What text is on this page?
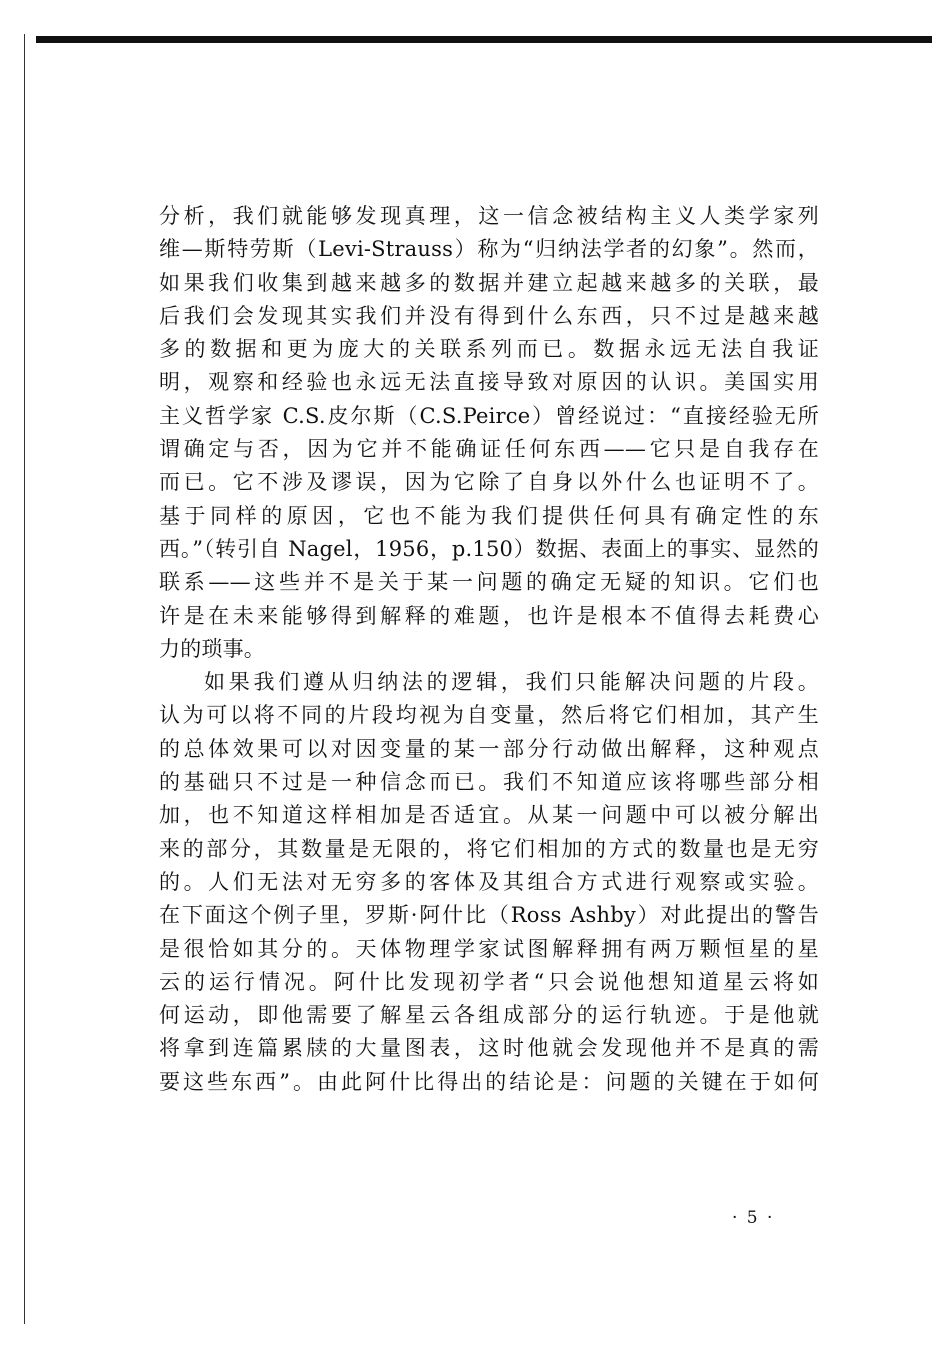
分析，我们就能够发现真理，这一信念被结构主义人类学家列
维—斯特劳斯（Levi-Strauss）称为“归纳法学者的幻象”。然而，
如果我们收集到越来越多的数据并建立起越来越多的关联，最
后我们会发现其实我们并没有得到什么东西，只不过是越来越
多的数据和更为庞大的关联系列而已。数据永远无法自我证
明，观察和经验也永远无法直接导致对原因的认识。美国实用
主义哲学家 C.S.皮尔斯（C.S.Peirce）曾经说过：“直接经验无所
谓确定与否，因为它并不能确证任何东西——它只是自我存在
而已。它不涉及谬误，因为它除了自身以外什么也证明不了。
基于同样的原因，它也不能为我们提供任何具有确定性的东
西。”（转引自 Nagel，1956，p.150）数据、表面上的事实、显然的
联系——这些并不是关于某一问题的确定无疑的知识。它们也
许是在未来能够得到解释的难题，也许是根本不值得去耗费心
力的琐事。
如果我们遵从归纳法的逻辑，我们只能解决问题的片段。
认为可以将不同的片段均视为自变量，然后将它们相加，其产生
的总体效果可以对因变量的某一部分行动做出解释，这种观点
的基础只不过是一种信念而已。我们不知道应该将哪些部分相
加，也不知道这样相加是否适宜。从某一问题中可以被分解出
来的部分，其数量是无限的，将它们相加的方式的数量也是无穷
的。人们无法对无穷多的客体及其组合方式进行观察或实验。
在下面这个例子里，罗斯·阿什比（Ross Ashby）对此提出的警告
是很恰如其分的。天体物理学家试图解释拥有两万颗恒星的星
云的运行情况。阿什比发现初学者“只会说他想知道星云将如
何运动，即他需要了解星云各组成部分的运行轨迹。于是他就
将拿到连篇累牍的大量图表，这时他就会发现他并不是真的需
要这些东西”。由此阿什比得出的结论是：问题的关键在于如何
· 5 ·
